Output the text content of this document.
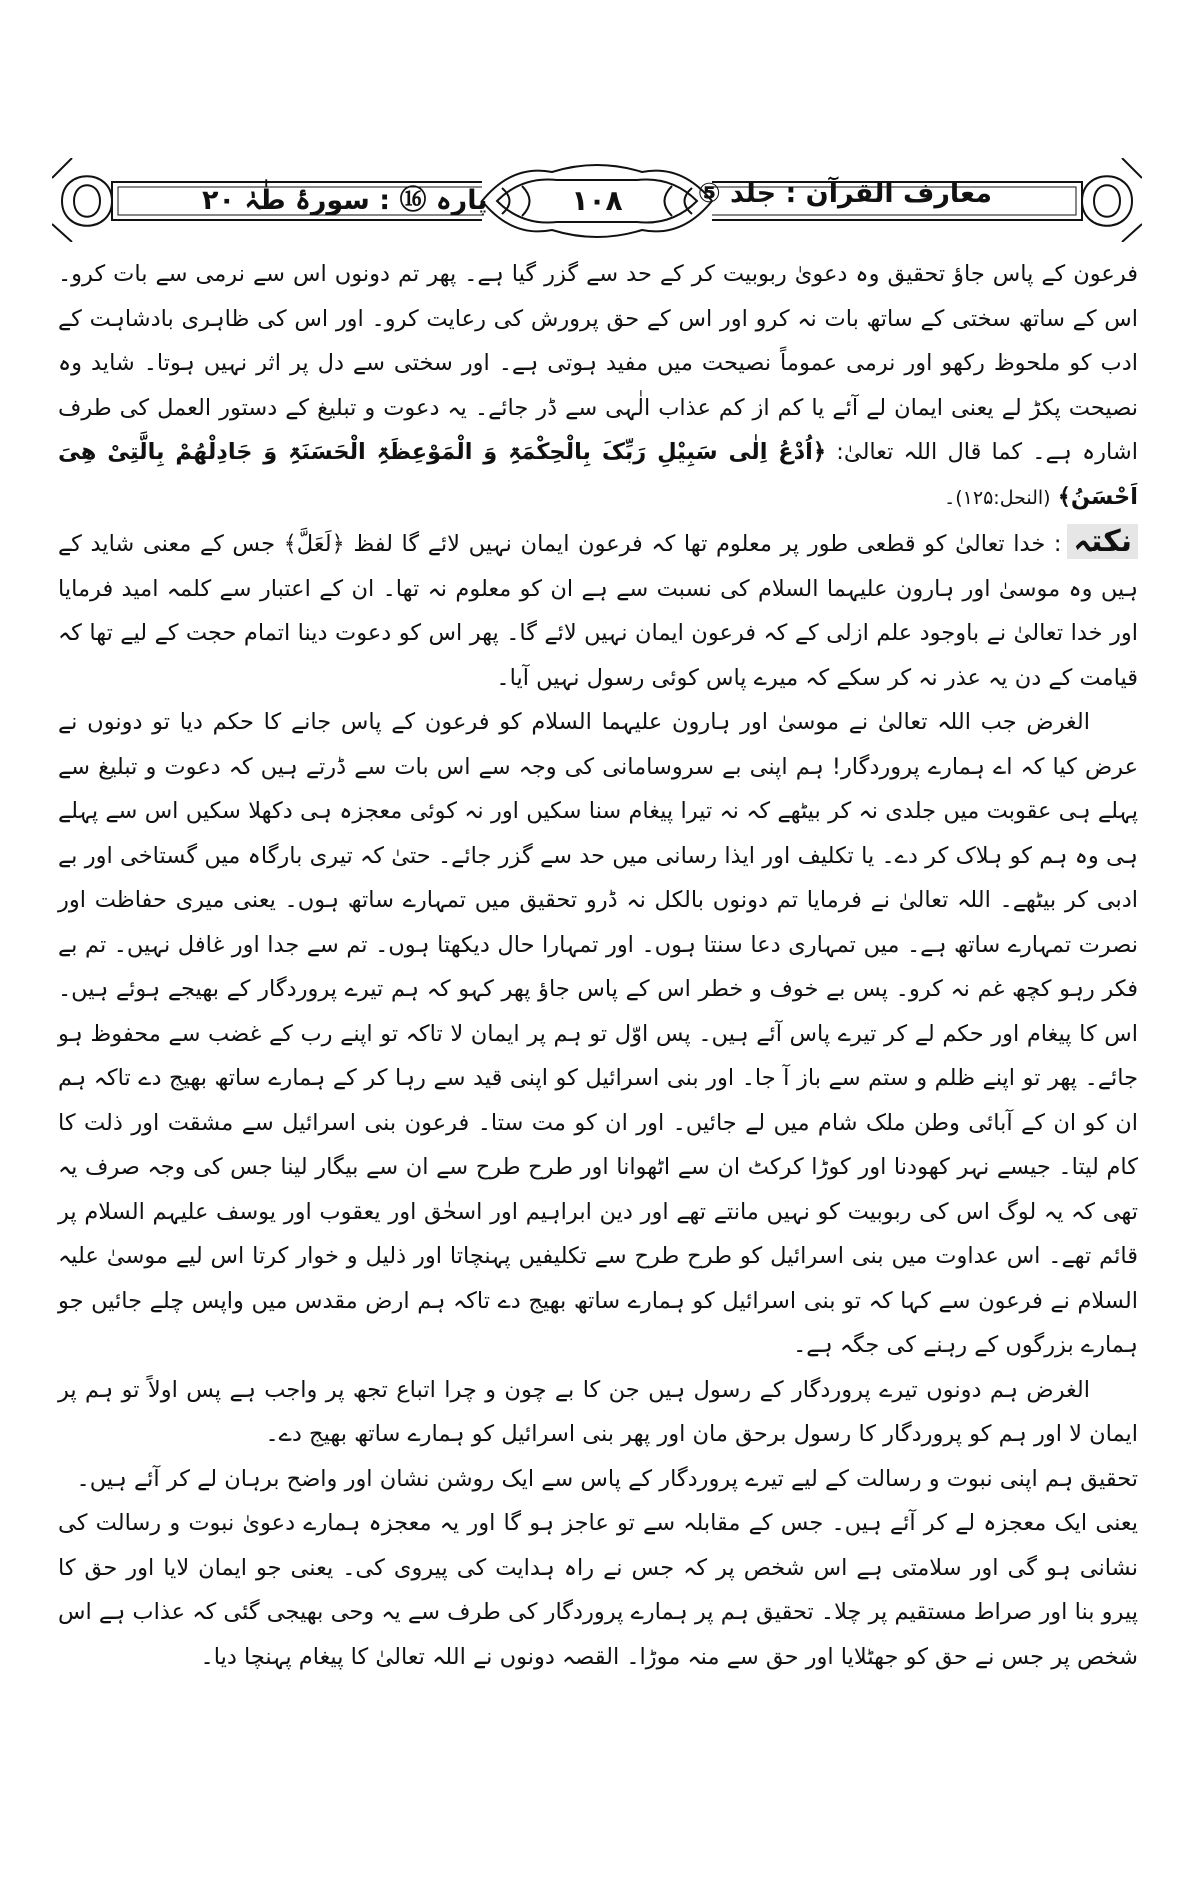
معارف القرآن : جلد ⑤
۱۰۸
پارہ ⑯ : سورۂ طٰہٰ ۲۰

فرعون کے پاس جاؤ تحقیق وہ دعویٰ ربوبیت کر کے حد سے گزر گیا ہے۔ پھر تم دونوں اس سے نرمی سے بات کرو۔ اس کے ساتھ سختی کے ساتھ بات نہ کرو اور اس کے حق پرورش کی رعایت کرو۔ اور اس کی ظاہری بادشاہت کے ادب کو ملحوظ رکھو اور نرمی عموماً نصیحت میں مفید ہوتی ہے۔ اور سختی سے دل پر اثر نہیں ہوتا۔ شاید وہ نصیحت پکڑ لے یعنی ایمان لے آئے یا کم از کم عذاب الٰہی سے ڈر جائے۔ یہ دعوت و تبلیغ کے دستور العمل کی طرف اشارہ ہے۔ کما قال اللہ تعالیٰ: ﴿اُدْعُ اِلٰی سَبِیْلِ رَبِّکَ بِالْحِکْمَۃِ وَ الْمَوْعِظَۃِ الْحَسَنَۃِ وَ جَادِلْھُمْ بِالَّتِیْ ھِیَ اَحْسَنُ﴾ (النحل:۱۲۵)۔

نکتہ: خدا تعالیٰ کو قطعی طور پر معلوم تھا کہ فرعون ایمان نہیں لائے گا لفظ ﴿لَعَلَّ﴾ جس کے معنی شاید کے ہیں وہ موسیٰ اور ہارون علیہما السلام کی نسبت سے ہے ان کو معلوم نہ تھا۔ ان کے اعتبار سے کلمہ امید فرمایا اور خدا تعالیٰ نے باوجود علم ازلی کے کہ فرعون ایمان نہیں لائے گا۔ پھر اس کو دعوت دینا اتمام حجت کے لیے تھا کہ قیامت کے دن یہ عذر نہ کر سکے کہ میرے پاس کوئی رسول نہیں آیا۔

الغرض جب اللہ تعالیٰ نے موسیٰ اور ہارون علیہما السلام کو فرعون کے پاس جانے کا حکم دیا تو دونوں نے عرض کیا کہ اے ہمارے پروردگار! ہم اپنی بے سروسامانی کی وجہ سے اس بات سے ڈرتے ہیں کہ دعوت و تبلیغ سے پہلے ہی عقوبت میں جلدی نہ کر بیٹھے کہ نہ تیرا پیغام سنا سکیں اور نہ کوئی معجزہ ہی دکھلا سکیں اس سے پہلے ہی وہ ہم کو ہلاک کر دے۔ یا تکلیف اور ایذا رسانی میں حد سے گزر جائے۔ حتیٰ کہ تیری بارگاہ میں گستاخی اور بے ادبی کر بیٹھے۔ اللہ تعالیٰ نے فرمایا تم دونوں بالکل نہ ڈرو تحقیق میں تمہارے ساتھ ہوں۔ یعنی میری حفاظت اور نصرت تمہارے ساتھ ہے۔ میں تمہاری دعا سنتا ہوں۔ اور تمہارا حال دیکھتا ہوں۔ تم سے جدا اور غافل نہیں۔ تم بے فکر رہو کچھ غم نہ کرو۔ پس بے خوف و خطر اس کے پاس جاؤ پھر کہو کہ ہم تیرے پروردگار کے بھیجے ہوئے ہیں۔ اس کا پیغام اور حکم لے کر تیرے پاس آئے ہیں۔ پس اوّل تو ہم پر ایمان لا تاکہ تو اپنے رب کے غضب سے محفوظ ہو جائے۔ پھر تو اپنے ظلم و ستم سے باز آ جا۔ اور بنی اسرائیل کو اپنی قید سے رہا کر کے ہمارے ساتھ بھیج دے تاکہ ہم ان کو ان کے آبائی وطن ملک شام میں لے جائیں۔ اور ان کو مت ستا۔ فرعون بنی اسرائیل سے مشقت اور ذلت کا کام لیتا۔ جیسے نہر کھودنا اور کوڑا کرکٹ ان سے اٹھوانا اور طرح طرح سے ان سے بیگار لینا جس کی وجہ صرف یہ تھی کہ یہ لوگ اس کی ربوبیت کو نہیں مانتے تھے اور دین ابراہیم اور اسحٰق اور یعقوب اور یوسف علیہم السلام پر قائم تھے۔ اس عداوت میں بنی اسرائیل کو طرح طرح سے تکلیفیں پہنچاتا اور ذلیل و خوار کرتا اس لیے موسیٰ علیہ السلام نے فرعون سے کہا کہ تو بنی اسرائیل کو ہمارے ساتھ بھیج دے تاکہ ہم ارض مقدس میں واپس چلے جائیں جو ہمارے بزرگوں کے رہنے کی جگہ ہے۔

الغرض ہم دونوں تیرے پروردگار کے رسول ہیں جن کا بے چون و چرا اتباع تجھ پر واجب ہے پس اولاً تو ہم پر ایمان لا اور ہم کو پروردگار کا رسول برحق مان اور پھر بنی اسرائیل کو ہمارے ساتھ بھیج دے۔

تحقیق ہم اپنی نبوت و رسالت کے لیے تیرے پروردگار کے پاس سے ایک روشن نشان اور واضح برہان لے کر آئے ہیں۔

یعنی ایک معجزہ لے کر آئے ہیں۔ جس کے مقابلہ سے تو عاجز ہو گا اور یہ معجزہ ہمارے دعویٰ نبوت و رسالت کی نشانی ہو گی اور سلامتی ہے اس شخص پر کہ جس نے راہ ہدایت کی پیروی کی۔ یعنی جو ایمان لایا اور حق کا پیرو بنا اور صراط مستقیم پر چلا۔ تحقیق ہم پر ہمارے پروردگار کی طرف سے یہ وحی بھیجی گئی کہ عذاب ہے اس شخص پر جس نے حق کو جھٹلایا اور حق سے منہ موڑا۔ القصہ دونوں نے اللہ تعالیٰ کا پیغام پہنچا دیا۔
